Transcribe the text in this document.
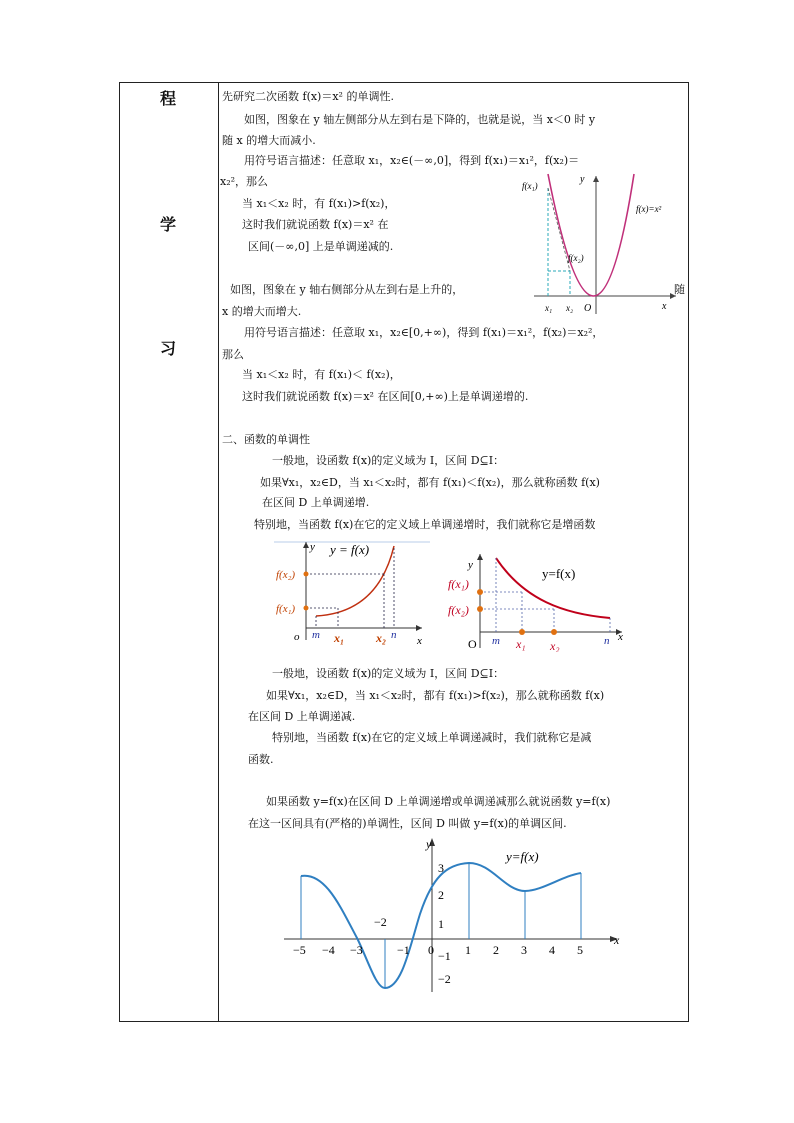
程
学
习
先研究二次函数 f(x)＝x² 的单调性.
如图，图象在 y 轴左侧部分从左到右是下降的，也就是说，当 x＜0 时 y
随 x 的增大而减小.
用符号语言描述：任意取 x₁，x₂∈(－∞,0]，得到 f(x₁)＝x₁²，f(x₂)＝
x₂²，那么
当 x₁＜x₂ 时，有 f(x₁)>f(x₂)，
这时我们就说函数 f(x)＝x² 在
区间(－∞,0] 上是单调递减的.
如图，图象在 y 轴右侧部分从左到右是上升的，	随
x 的增大而增大.
用符号语言描述：任意取 x₁，x₂∈[0,+∞)，得到 f(x₁)＝x₁²，f(x₂)＝x₂²，
那么
当 x₁＜x₂ 时，有 f(x₁)＜ f(x₂)，
这时我们就说函数 f(x)＝x² 在区间[0,+∞)上是单调递增的.
二、函数的单调性
一般地，设函数 f(x)的定义域为 I，区间 D⊆I：
如果∀x₁，x₂∈D，当 x₁＜x₂时，都有 f(x₁)＜f(x₂)，那么就称函数 f(x)
在区间 D 上单调递增.
特别地，当函数 f(x)在它的定义域上单调递增时，我们就称它是增函数
一般地，设函数 f(x)的定义域为 I，区间 D⊆I：
如果∀x₁，x₂∈D，当 x₁＜x₂时，都有 f(x₁)>f(x₂)，那么就称函数 f(x)
在区间 D 上单调递减.
特别地，当函数 f(x)在它的定义域上单调递减时，我们就称它是减
函数.
如果函数 y=f(x)在区间 D 上单调递增或单调递减那么就说函数 y=f(x)
在这一区间具有(严格的)单调性，区间 D 叫做 y=f(x)的单调区间.
y
x
O
f(x₁)
f(x₂)
f(x)=x²
x₁ x₂
y y = f(x)
x
o
f(x₁)
f(x₂)
m x₁	x₂ n
y
y=f(x)
x
O
f(x₁)
f(x₂)
m x₁ x₂	n
y
x
y=f(x)
−5 −4 −3	−1 0	1 2 3 4 5
1
2
3
−1
−2
−2
